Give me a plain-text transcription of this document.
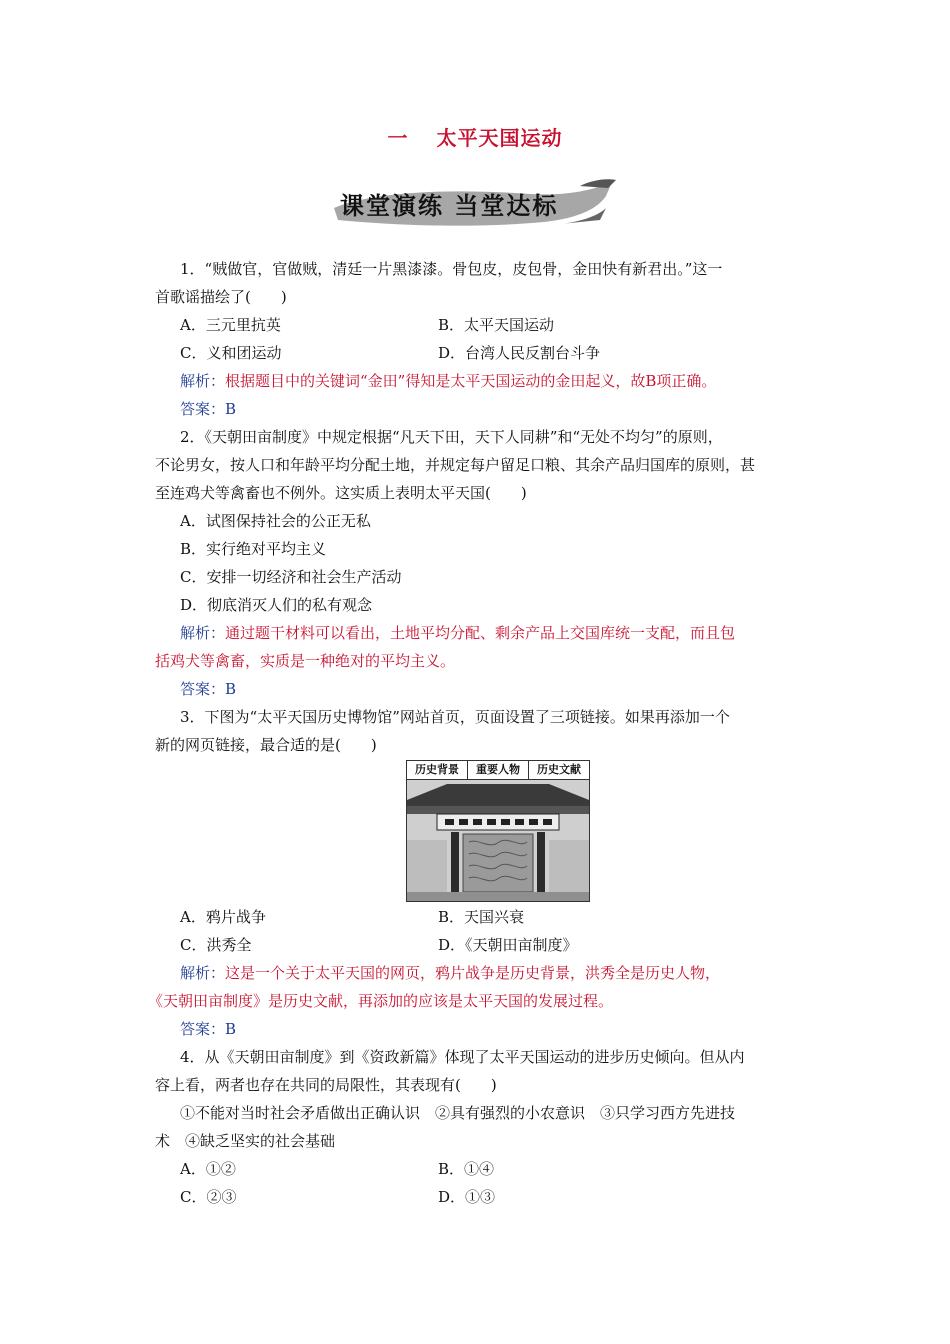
一 太平天国运动
课堂演练 当堂达标
1．“贼做官，官做贼，清廷一片黑漆漆。骨包皮，皮包骨，金田快有新君出。”这一
首歌谣描绘了(　　)
A．三元里抗英	B．太平天国运动
C．义和团运动	D．台湾人民反割台斗争
解析：根据题目中的关键词“金田”得知是太平天国运动的金田起义，故B项正确。
答案：B
2．《天朝田亩制度》中规定根据“凡天下田，天下人同耕”和“无处不均匀”的原则，
不论男女，按人口和年龄平均分配土地，并规定每户留足口粮、其余产品归国库的原则，甚
至连鸡犬等禽畜也不例外。这实质上表明太平天国(　　)
A．试图保持社会的公正无私
B．实行绝对平均主义
C．安排一切经济和社会生产活动
D．彻底消灭人们的私有观念
解析：通过题干材料可以看出，土地平均分配、剩余产品上交国库统一支配，而且包
括鸡犬等禽畜，实质是一种绝对的平均主义。
答案：B
3．下图为“太平天国历史博物馆”网站首页，页面设置了三项链接。如果再添加一个
新的网页链接，最合适的是(　　)
历史背景	重要人物	历史文献
A．鸦片战争	B．天国兴衰
C．洪秀全	D．《天朝田亩制度》
解析：这是一个关于太平天国的网页，鸦片战争是历史背景，洪秀全是历史人物，
《天朝田亩制度》是历史文献，再添加的应该是太平天国的发展过程。
答案：B
4．从《天朝田亩制度》到《资政新篇》体现了太平天国运动的进步历史倾向。但从内
容上看，两者也存在共同的局限性，其表现有(　　)
①不能对当时社会矛盾做出正确认识　②具有强烈的小农意识　③只学习西方先进技
术　④缺乏坚实的社会基础
A．①②	B．①④
C．②③	D．①③
